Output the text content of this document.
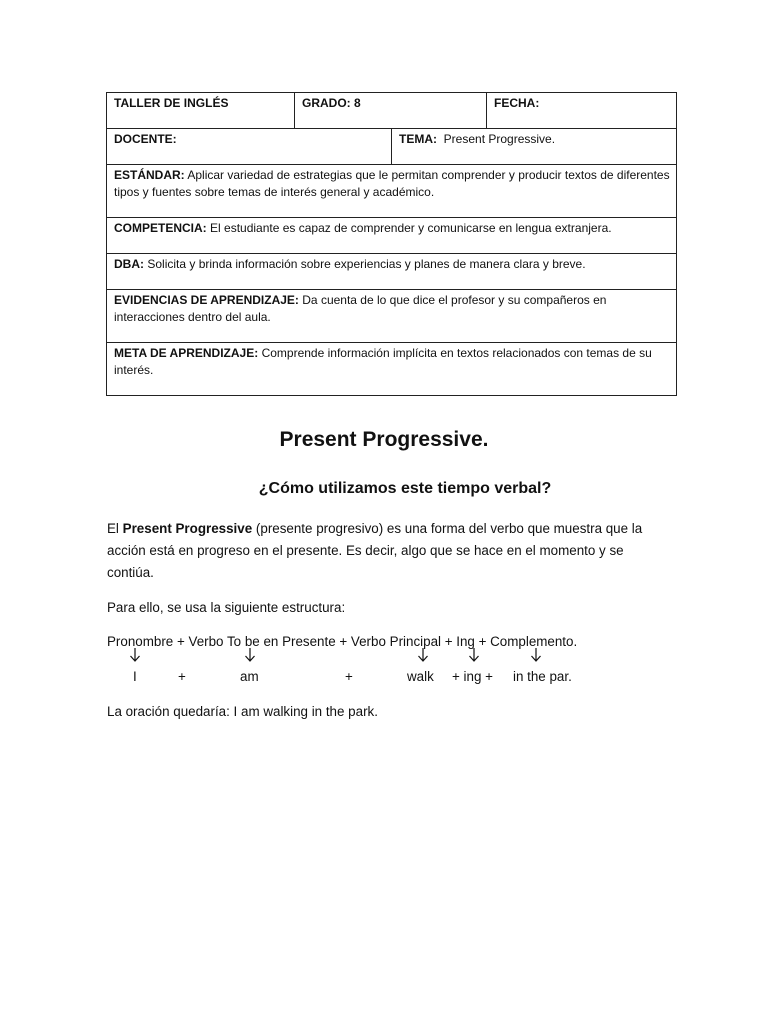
TALLER DE INGLÉS	GRADO: 8		FECHA:
DOCENTE:		TEMA: Present Progressive.	
ESTÁNDAR: Aplicar variedad de estrategias que le permitan comprender y producir textos de diferentes tipos y fuentes sobre temas de interés general y académico.			
COMPETENCIA: El estudiante es capaz de comprender y comunicarse en lengua extranjera.			
DBA: Solicita y brinda información sobre experiencias y planes de manera clara y breve.			
EVIDENCIAS DE APRENDIZAJE: Da cuenta de lo que dice el profesor y su compañeros en interacciones dentro del aula.			
META DE APRENDIZAJE: Comprende información implícita en textos relacionados con temas de su interés.			
Present Progressive.
¿Cómo utilizamos este tiempo verbal?

El Present Progressive (presente progresivo) es una forma del verbo que muestra que la acción está en progreso en el presente. Es decir, algo que se hace en el momento y se contiúa.

Para ello, se usa la siguiente estructura:

Pronombre + Verbo To be en Presente + Verbo Principal + Ing + Complemento.

I	+	am	+	walk + ing + in the par.

La oración quedaría: I am walking in the park.
